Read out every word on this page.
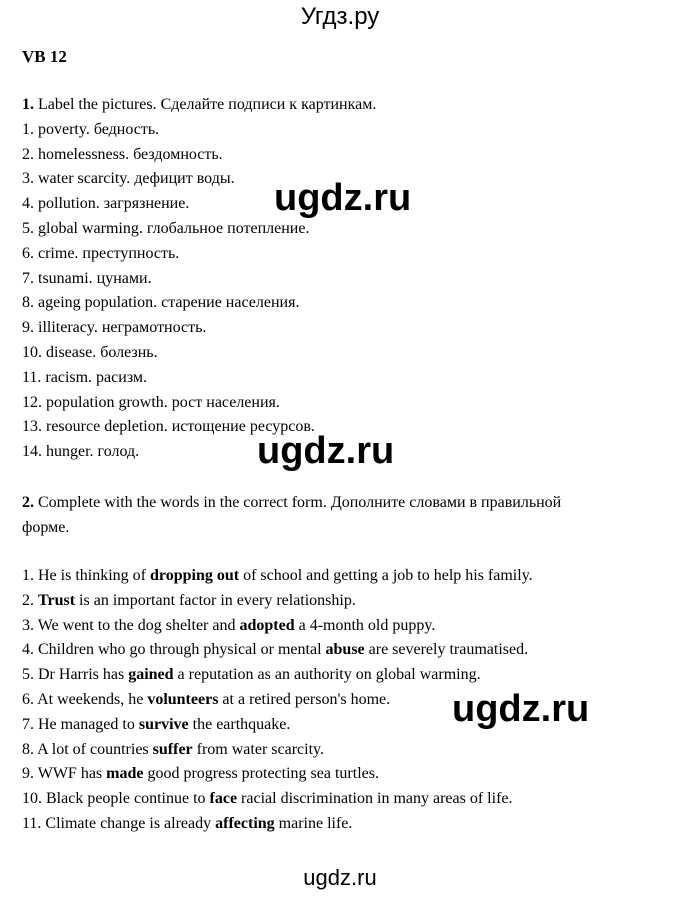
Угдз.ру
VB 12
1. Label the pictures. Сделайте подписи к картинкам.
1. poverty. бедность.
2. homelessness. бездомность.
3. water scarcity. дефицит воды.
4. pollution. загрязнение.
5. global warming. глобальное потепление.
6. crime. преступность.
7. tsunami. цунами.
8. ageing population. старение населения.
9. illiteracy. неграмотность.
10. disease. болезнь.
11. racism. расизм.
12. population growth. рост населения.
13. resource depletion. истощение ресурсов.
14. hunger. голод.
2. Complete with the words in the correct form. Дополните словами в правильной форме.
1. He is thinking of dropping out of school and getting a job to help his family.
2. Trust is an important factor in every relationship.
3. We went to the dog shelter and adopted a 4-month old puppy.
4. Children who go through physical or mental abuse are severely traumatised.
5. Dr Harris has gained a reputation as an authority on global warming.
6. At weekends, he volunteers at a retired person's home.
7. He managed to survive the earthquake.
8. A lot of countries suffer from water scarcity.
9. WWF has made good progress protecting sea turtles.
10. Black people continue to face racial discrimination in many areas of life.
11. Climate change is already affecting marine life.
ugdz.ru
ugdz.ru
ugdz.ru
ugdz.ru
